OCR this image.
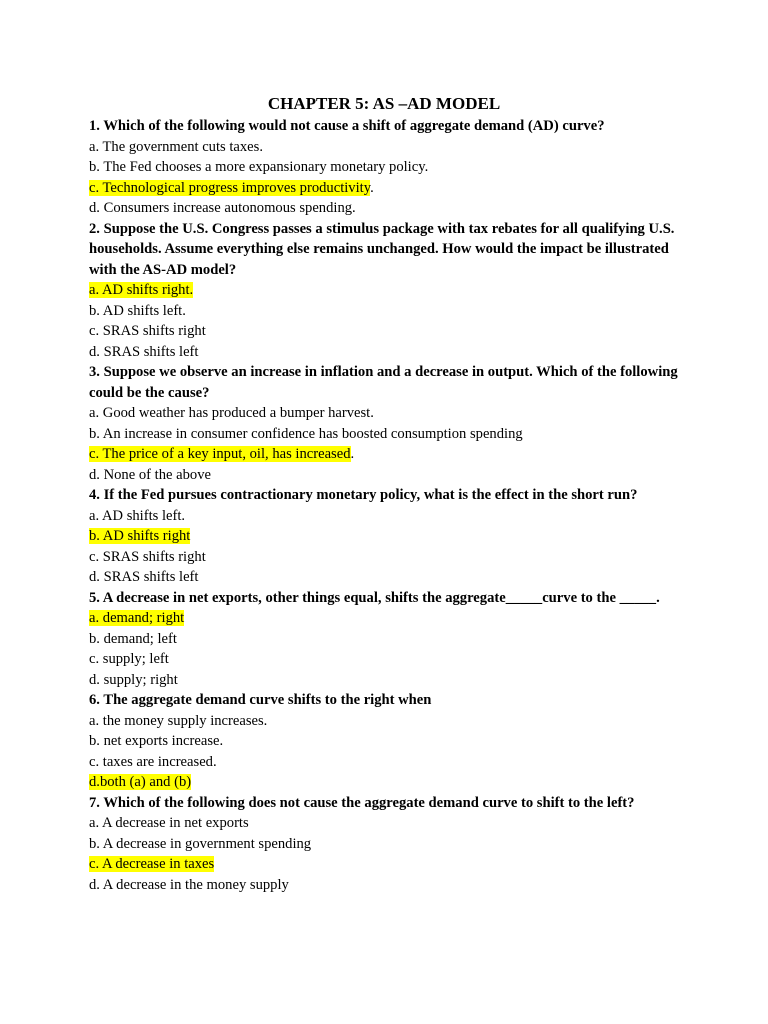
CHAPTER 5: AS –AD MODEL
1. Which of the following would not cause a shift of aggregate demand (AD) curve?
a. The government cuts taxes.
b. The Fed chooses a more expansionary monetary policy.
c. Technological progress improves productivity.
d. Consumers increase autonomous spending.
2. Suppose the U.S. Congress passes a stimulus package with tax rebates for all qualifying U.S. households. Assume everything else remains unchanged. How would the impact be illustrated with the AS-AD model?
a. AD shifts right.
b. AD shifts left.
c. SRAS shifts right
d. SRAS shifts left
3. Suppose we observe an increase in inflation and a decrease in output. Which of the following could be the cause?
a. Good weather has produced a bumper harvest.
b. An increase in consumer confidence has boosted consumption spending
c. The price of a key input, oil, has increased.
d. None of the above
4. If the Fed pursues contractionary monetary policy, what is the effect in the short run?
a. AD shifts left.
b. AD shifts right
c. SRAS shifts right
d. SRAS shifts left
5. A decrease in net exports, other things equal, shifts the aggregate_____curve to the _____.
a. demand; right
b. demand; left
c. supply; left
d. supply; right
6. The aggregate demand curve shifts to the right when
a. the money supply increases.
b. net exports increase.
c. taxes are increased.
d.both (a) and (b)
7. Which of the following does not cause the aggregate demand curve to shift to the left?
a. A decrease in net exports
b. A decrease in government spending
c. A decrease in taxes
d. A decrease in the money supply
